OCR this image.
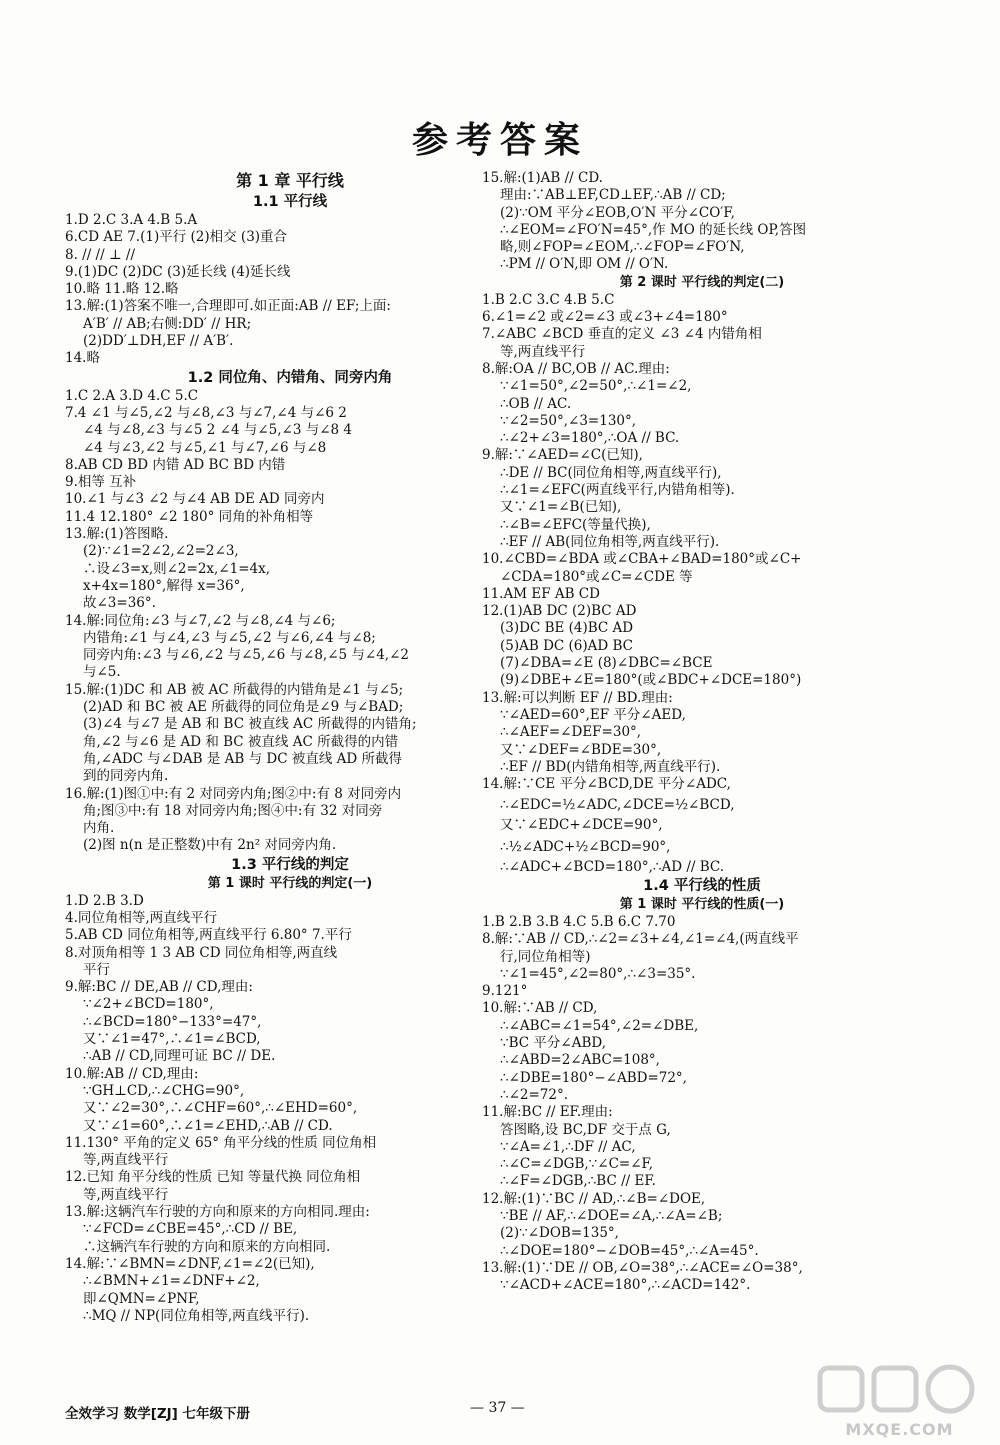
参考答案
第 1 章 平行线
1.1 平行线
1.D 2.C 3.A 4.B 5.A
6.CD AE 7.(1)平行 (2)相交 (3)重合
8. // // ⊥ //
9.(1)DC (2)DC (3)延长线 (4)延长线
10.略 11.略 12.略
13.解:(1)答案不唯一,合理即可.如正面:AB // EF;上面:
A′B′ // AB;右侧:DD′ // HR;
(2)DD′⊥DH,EF // A′B′.
14.略
1.2 同位角、内错角、同旁内角
1.C 2.A 3.D 4.C 5.C
7.4 ∠1 与∠5,∠2 与∠8,∠3 与∠7,∠4 与∠6 2
∠4 与∠8,∠3 与∠5 2 ∠4 与∠5,∠3 与∠8 4
∠4 与∠3,∠2 与∠5,∠1 与∠7,∠6 与∠8
8.AB CD BD 内错 AD BC BD 内错
9.相等 互补
10.∠1 与∠3 ∠2 与∠4 AB DE AD 同旁内
11.4 12.180° ∠2 180° 同角的补角相等
13.解:(1)答图略.
(2)∵∠1=2∠2,∠2=2∠3,
∴设∠3=x,则∠2=2x,∠1=4x,
x+4x=180°,解得 x=36°,
故∠3=36°.
14.解:同位角:∠3 与∠7,∠2 与∠8,∠4 与∠6;
内错角:∠1 与∠4,∠3 与∠5,∠2 与∠6,∠4 与∠8;
同旁内角:∠3 与∠6,∠2 与∠5,∠6 与∠8,∠5 与∠4,∠2
与∠5.
15.解:(1)DC 和 AB 被 AC 所截得的内错角是∠1 与∠5;
(2)AD 和 BC 被 AE 所截得的同位角是∠9 与∠BAD;
(3)∠4 与∠7 是 AB 和 BC 被直线 AC 所截得的内错角;
角,∠2 与∠6 是 AD 和 BC 被直线 AC 所截得的内错
角,∠ADC 与∠DAB 是 AB 与 DC 被直线 AD 所截得
到的同旁内角.
16.解:(1)图①中:有 2 对同旁内角;图②中:有 8 对同旁内
角;图③中:有 18 对同旁内角;图④中:有 32 对同旁
内角.
(2)图 n(n 是正整数)中有 2n² 对同旁内角.
1.3 平行线的判定
第 1 课时 平行线的判定(一)
1.D 2.B 3.D
4.同位角相等,两直线平行
5.AB CD 同位角相等,两直线平行 6.80° 7.平行
8.对顶角相等 1 3 AB CD 同位角相等,两直线
平行
9.解:BC // DE,AB // CD,理由:
∵∠2+∠BCD=180°,
∴∠BCD=180°−133°=47°,
又∵∠1=47°,∴∠1=∠BCD,
∴AB // CD,同理可证 BC // DE.
10.解:AB // CD,理由:
∵GH⊥CD,∴∠CHG=90°,
又∵∠2=30°,∴∠CHF=60°,∴∠EHD=60°,
又∵∠1=60°,∴∠1=∠EHD,∴AB // CD.
11.130° 平角的定义 65° 角平分线的性质 同位角相
等,两直线平行
12.已知 角平分线的性质 已知 等量代换 同位角相
等,两直线平行
13.解:这辆汽车行驶的方向和原来的方向相同.理由:
∵∠FCD=∠CBE=45°,∴CD // BE,
∴这辆汽车行驶的方向和原来的方向相同.
14.解:∵∠BMN=∠DNF,∠1=∠2(已知),
∴∠BMN+∠1=∠DNF+∠2,
即∠QMN=∠PNF,
∴MQ // NP(同位角相等,两直线平行).
15.解:(1)AB // CD.
理由:∵AB⊥EF,CD⊥EF,∴AB // CD;
(2)∵OM 平分∠EOB,O′N 平分∠CO′F,
∴∠EOM=∠FO′N=45°,作 MO 的延长线 OP,答图
略,则∠FOP=∠EOM,∴∠FOP=∠FO′N,
∴PM // O′N,即 OM // O′N.
第 2 课时 平行线的判定(二)
1.B 2.C 3.C 4.B 5.C
6.∠1=∠2 或∠2=∠3 或∠3+∠4=180°
7.∠ABC ∠BCD 垂直的定义 ∠3 ∠4 内错角相
等,两直线平行
8.解:OA // BC,OB // AC.理由:
∵∠1=50°,∠2=50°,∴∠1=∠2,
∴OB // AC.
∵∠2=50°,∠3=130°,
∴∠2+∠3=180°,∴OA // BC.
9.解:∵∠AED=∠C(已知),
∴DE // BC(同位角相等,两直线平行),
∴∠1=∠EFC(两直线平行,内错角相等).
又∵∠1=∠B(已知),
∴∠B=∠EFC(等量代换),
∴EF // AB(同位角相等,两直线平行).
10.∠CBD=∠BDA 或∠CBA+∠BAD=180°或∠C+
∠CDA=180°或∠C=∠CDE 等
11.AM EF AB CD
12.(1)AB DC (2)BC AD
(3)DC BE (4)BC AD
(5)AB DC (6)AD BC
(7)∠DBA=∠E (8)∠DBC=∠BCE
(9)∠DBE+∠E=180°(或∠BDC+∠DCE=180°)
13.解:可以判断 EF // BD.理由:
∵∠AED=60°,EF 平分∠AED,
∴∠AEF=∠DEF=30°,
又∵∠DEF=∠BDE=30°,
∴EF // BD(内错角相等,两直线平行).
14.解:∵CE 平分∠BCD,DE 平分∠ADC,
∴∠EDC=½∠ADC,∠DCE=½∠BCD,
又∵∠EDC+∠DCE=90°,
∴½∠ADC+½∠BCD=90°,
∴∠ADC+∠BCD=180°,∴AD // BC.
1.4 平行线的性质
第 1 课时 平行线的性质(一)
1.B 2.B 3.B 4.C 5.B 6.C 7.70
8.解:∵AB // CD,∴∠2=∠3+∠4,∠1=∠4,(两直线平
行,同位角相等)
∵∠1=45°,∠2=80°,∴∠3=35°.
9.121°
10.解:∵AB // CD,
∴∠ABC=∠1=54°,∠2=∠DBE,
∵BC 平分∠ABD,
∴∠ABD=2∠ABC=108°,
∴∠DBE=180°−∠ABD=72°,
∴∠2=72°.
11.解:BC // EF.理由:
答图略,设 BC,DF 交于点 G,
∵∠A=∠1,∴DF // AC,
∴∠C=∠DGB,∵∠C=∠F,
∴∠F=∠DGB,∴BC // EF.
12.解:(1)∵BC // AD,∴∠B=∠DOE,
∵BE // AF,∴∠DOE=∠A,∴∠A=∠B;
(2)∵∠DOB=135°,
∴∠DOE=180°−∠DOB=45°,∴∠A=45°.
13.解:(1)∵DE // OB,∠O=38°,∴∠ACE=∠O=38°,
∵∠ACD+∠ACE=180°,∴∠ACD=142°.
全效学习 数学[ZJ] 七年级下册	— 37 —
MXQE.COM
